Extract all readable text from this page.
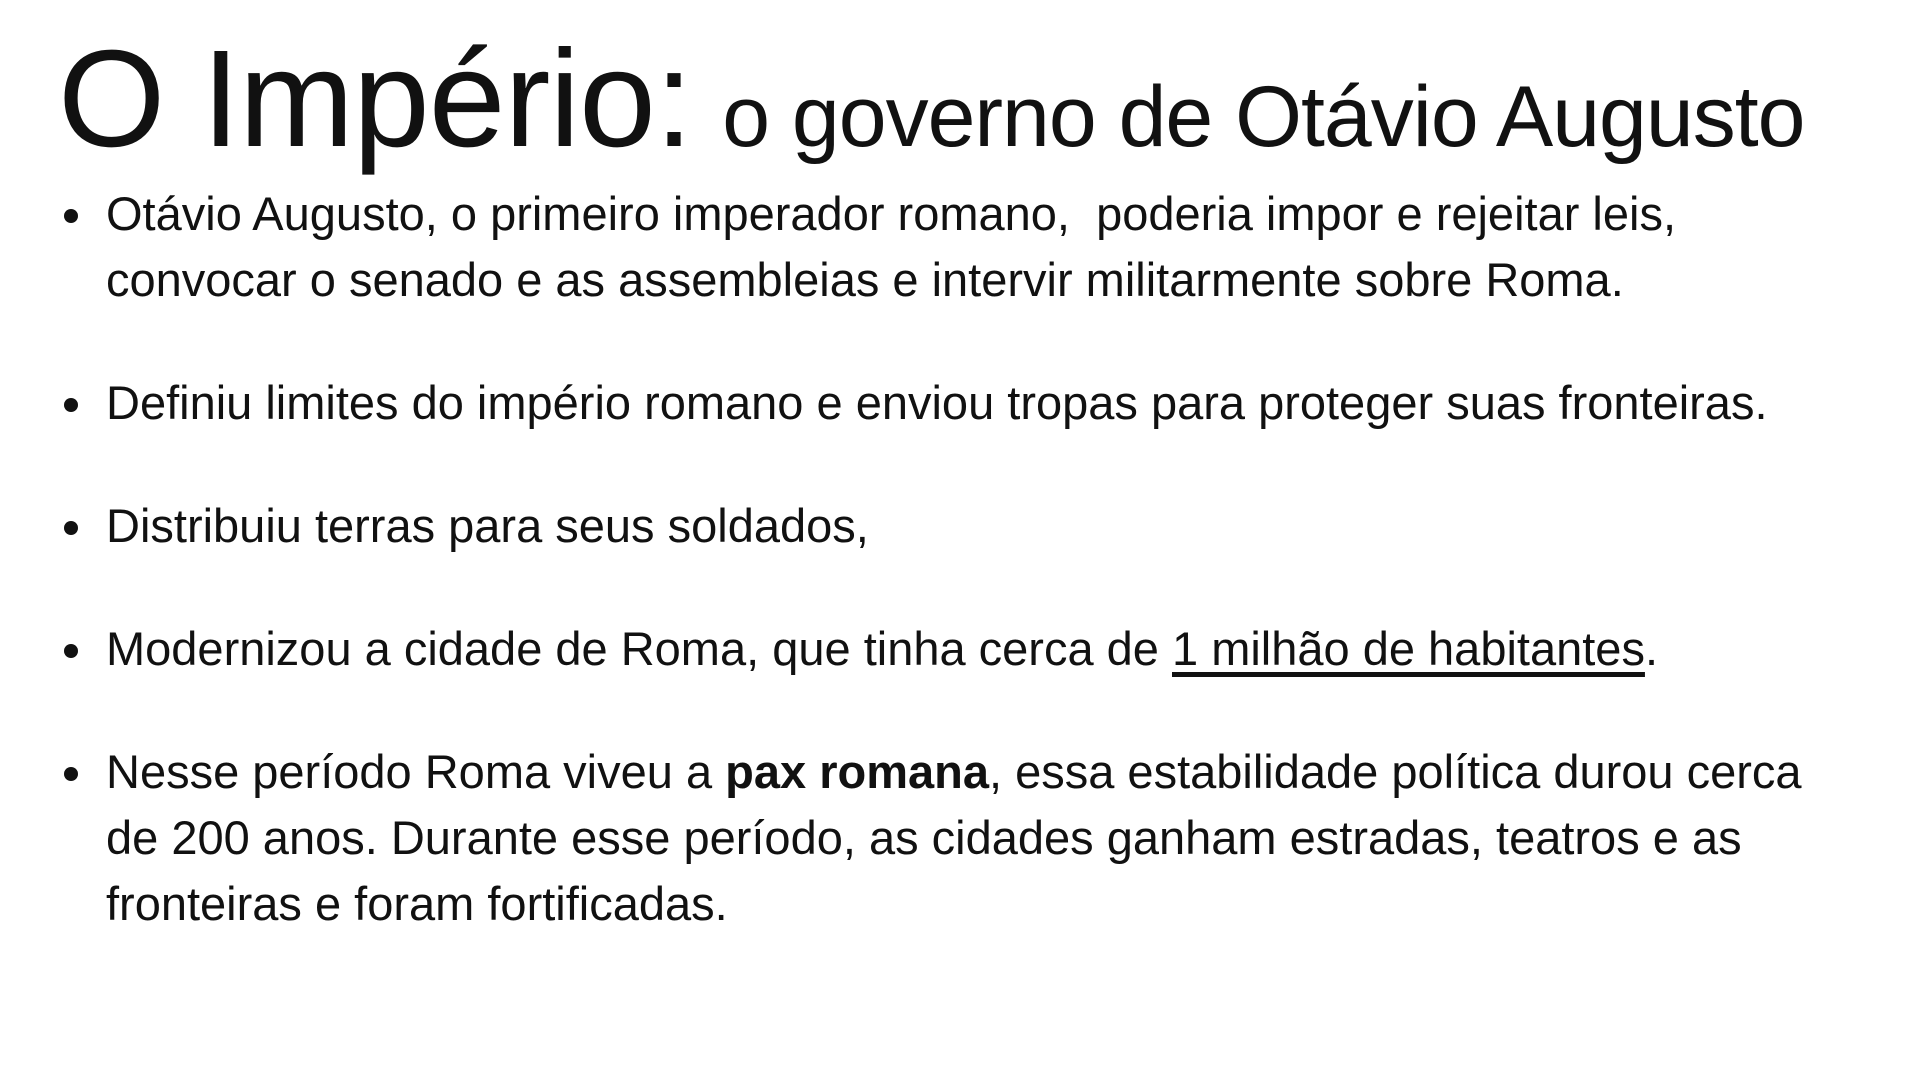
O Império: o governo de Otávio Augusto
Otávio Augusto, o primeiro imperador romano,  poderia impor e rejeitar leis, convocar o senado e as assembleias e intervir militarmente sobre Roma.
Definiu limites do império romano e enviou tropas para proteger suas fronteiras.
Distribuiu terras para seus soldados,
Modernizou a cidade de Roma, que tinha cerca de 1 milhão de habitantes.
Nesse período Roma viveu a pax romana, essa estabilidade política durou cerca de 200 anos. Durante esse período, as cidades ganham estradas, teatros e as fronteiras e foram fortificadas.
